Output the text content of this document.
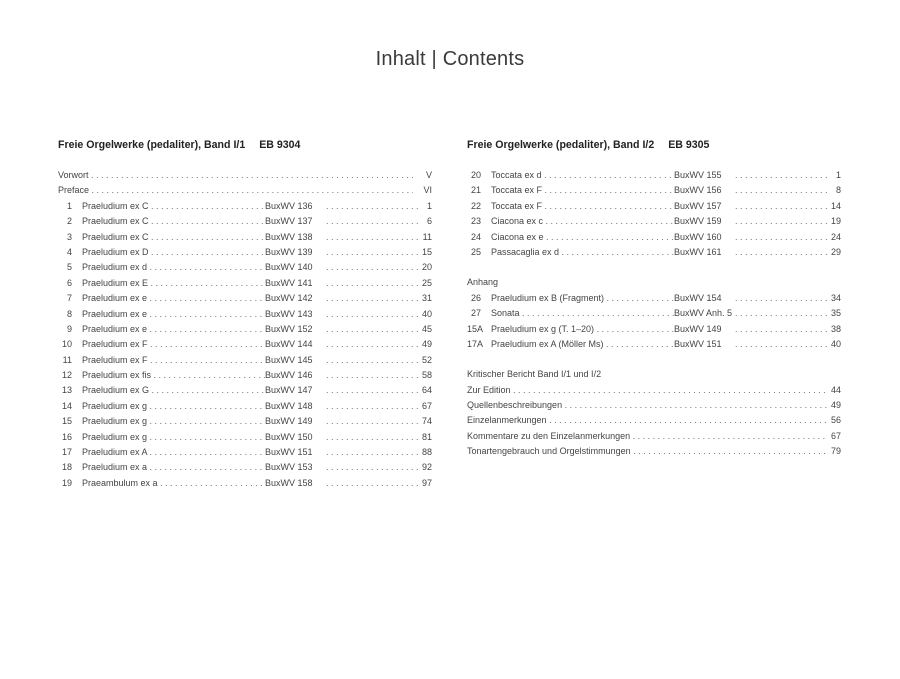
Inhalt | Contents
Freie Orgelwerke (pedaliter), Band I/1 EB 9304
Vorwort . . .	V
Preface . . .	VI
1 Praeludium ex C . . .	BuxWV 136 . . .	1
2 Praeludium ex C . . .	BuxWV 137 . . .	6
3 Praeludium ex C . . .	BuxWV 138 . . .	11
4 Praeludium ex D . . .	BuxWV 139 . . .	15
5 Praeludium ex d . . .	BuxWV 140 . . .	20
6 Praeludium ex E . . .	BuxWV 141 . . .	25
7 Praeludium ex e . . .	BuxWV 142 . . .	31
8 Praeludium ex e . . .	BuxWV 143 . . .	40
9 Praeludium ex e . . .	BuxWV 152 . . .	45
10 Praeludium ex F . . .	BuxWV 144 . . .	49
11 Praeludium ex F . . .	BuxWV 145 . . .	52
12 Praeludium ex fis . . .	BuxWV 146 . . .	58
13 Praeludium ex G . . .	BuxWV 147 . . .	64
14 Praeludium ex g . . .	BuxWV 148 . . .	67
15 Praeludium ex g . . .	BuxWV 149 . . .	74
16 Praeludium ex g . . .	BuxWV 150 . . .	81
17 Praeludium ex A . . .	BuxWV 151 . . .	88
18 Praeludium ex a . . .	BuxWV 153 . . .	92
19 Praeambulum ex a . . .	BuxWV 158 . . .	97
Freie Orgelwerke (pedaliter), Band I/2 EB 9305
20 Toccata ex d . . .	BuxWV 155 . . .	1
21 Toccata ex F . . .	BuxWV 156 . . .	8
22 Toccata ex F . . .	BuxWV 157 . . .	14
23 Ciacona ex c . . .	BuxWV 159 . . .	19
24 Ciacona ex e . . .	BuxWV 160 . . .	24
25 Passacaglia ex d . . .	BuxWV 161 . . .	29
Anhang
26 Praeludium ex B (Fragment) . . .	BuxWV 154 . . .	34
27 Sonata . . .	BuxWV Anh. 5 . . .	35
15A Praeludium ex g (T. 1–20) . . .	BuxWV 149 . . .	38
17A Praeludium ex A (Möller Ms) . . .	BuxWV 151 . . .	40
Kritischer Bericht Band I/1 und I/2
Zur Edition . . .	44
Quellenbeschreibungen . . .	49
Einzelanmerkungen . . .	56
Kommentare zu den Einzelanmerkungen . . .	67
Tonartengebrauch und Orgelstimmungen . . .	79
